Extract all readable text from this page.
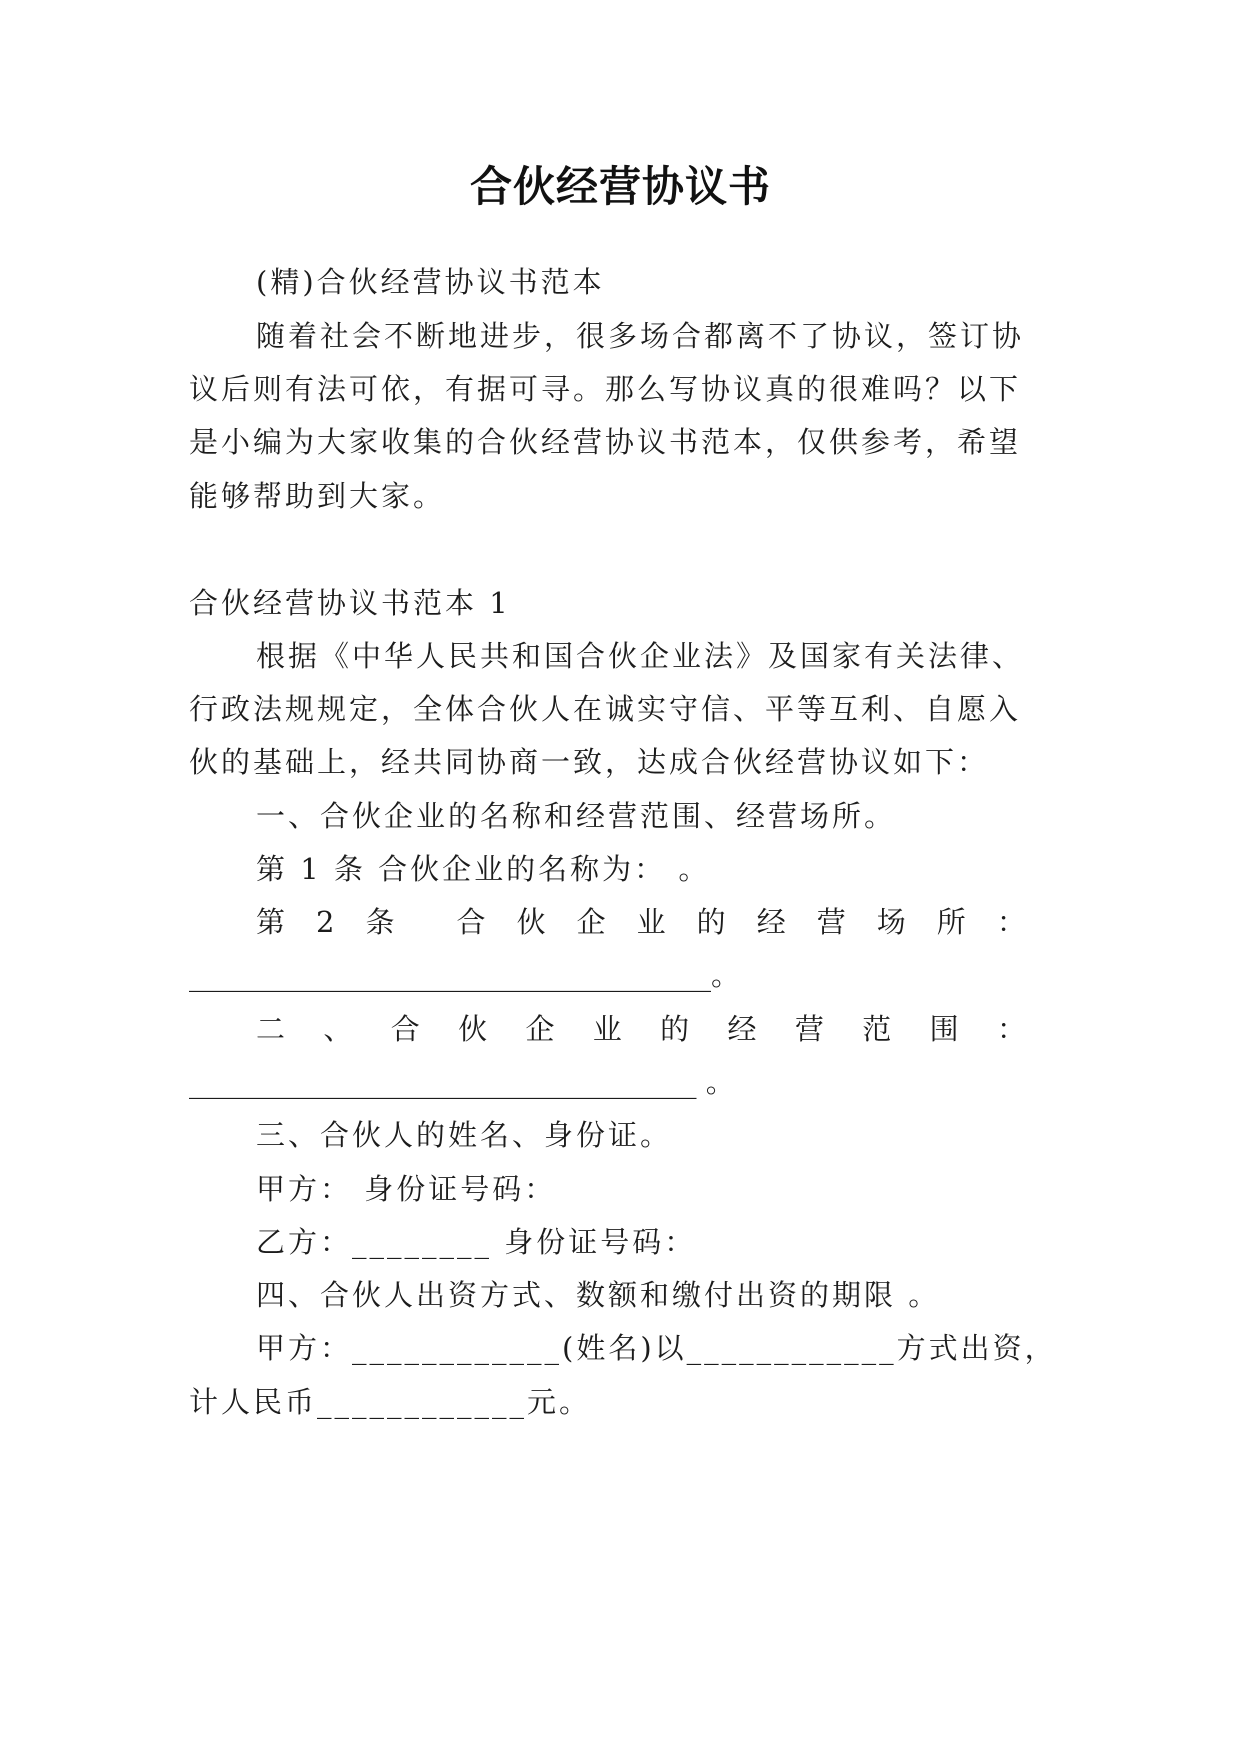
合伙经营协议书
(精)合伙经营协议书范本
随着社会不断地进步，很多场合都离不了协议，签订协
议后则有法可依，有据可寻。那么写协议真的很难吗？以下
是小编为大家收集的合伙经营协议书范本，仅供参考，希望
能够帮助到大家。
合伙经营协议书范本 1
根据《中华人民共和国合伙企业法》及国家有关法律、
行政法规规定，全体合伙人在诚实守信、平等互利、自愿入
伙的基础上，经共同协商一致，达成合伙经营协议如下：
一、合伙企业的名称和经营范围、经营场所。
第 1 条 合伙企业的名称为： 。
第 2 条 合 伙 企 业 的 经 营 场 所 ：
____________________________________。
二 、 合 伙 企 业 的 经 营 范 围 ：
___________________________________ 。
三、合伙人的姓名、身份证。
甲方： 身份证号码：
乙方：________ 身份证号码：
四、合伙人出资方式、数额和缴付出资的期限 。
甲方：____________(姓名)以____________方式出资，
计人民币____________元。
